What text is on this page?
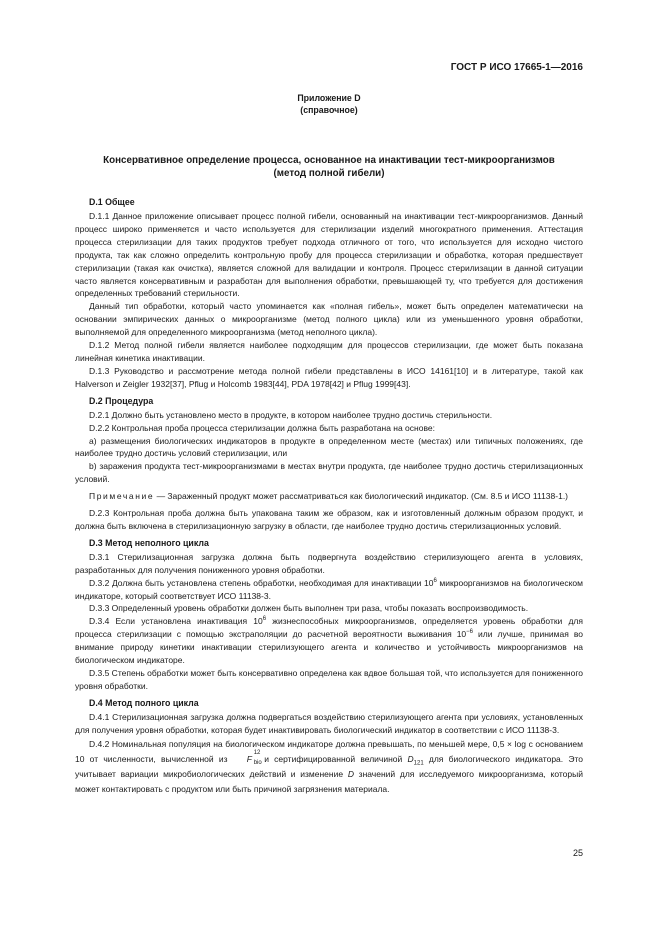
ГОСТ Р ИСО 17665-1—2016
Приложение D
(справочное)
Консервативное определение процесса, основанное на инактивации тест-микроорганизмов
(метод полной гибели)
D.1 Общее

D.1.1 Данное приложение описывает процесс полной гибели, основанный на инактивации тест-микроорганизмов. Данный процесс широко применяется и часто используется для стерилизации изделий многократного применения. Аттестация процесса стерилизации для таких продуктов требует подхода отличного от того, что используется для исходно чистого продукта, так как сложно определить контрольную пробу для процесса стерилизации и обработка, которая предшествует стерилизации (такая как очистка), является сложной для валидации и контроля. Процесс стерилизации в данной ситуации часто является консервативным и разработан для выполнения обработки, превышающей ту, что требуется для достижения определенных требований стерильности.

Данный тип обработки, который часто упоминается как «полная гибель», может быть определен математически на основании эмпирических данных о микроорганизме (метод полного цикла) или из уменьшенного уровня обработки, выполняемой для определенного микроорганизма (метод неполного цикла).

D.1.2 Метод полной гибели является наиболее подходящим для процессов стерилизации, где может быть показана линейная кинетика инактивации.

D.1.3 Руководство и рассмотрение метода полной гибели представлены в ИСО 14161[10] и в литературе, такой как Halverson и Zeigler 1932[37], Pflug и Holcomb 1983[44], PDA 1978[42] и Pflug 1999[43].

D.2 Процедура

D.2.1 Должно быть установлено место в продукте, в котором наиболее трудно достичь стерильности.

D.2.2 Контрольная проба процесса стерилизации должна быть разработана на основе:

a) размещения биологических индикаторов в продукте в определенном месте (местах) или типичных положениях, где наиболее трудно достичь условий стерилизации, или

b) заражения продукта тест-микроорганизмами в местах внутри продукта, где наиболее трудно достичь стерилизационных условий.

Примечание — Зараженный продукт может рассматриваться как биологический индикатор. (См. 8.5 и ИСО 11138-1.)

D.2.3 Контрольная проба должна быть упакована таким же образом, как и изготовленный должным образом продукт, и должна быть включена в стерилизационную загрузку в области, где наиболее трудно достичь стерилизационных условий.

D.3 Метод неполного цикла

D.3.1 Стерилизационная загрузка должна быть подвергнута воздействию стерилизующего агента в условиях, разработанных для получения пониженного уровня обработки.

D.3.2 Должна быть установлена степень обработки, необходимая для инактивации $10^6$ микроорганизмов на биологическом индикаторе, который соответствует ИСО 11138-3.

D.3.3 Определенный уровень обработки должен быть выполнен три раза, чтобы показать воспроизводимость.

D.3.4 Если установлена инактивация $10^6$ жизнеспособных микроорганизмов, определяется уровень обработки для процесса стерилизации с помощью экстраполяции до расчетной вероятности выживания $10^{-6}$ или лучше, принимая во внимание природу кинетики инактивации стерилизующего агента и количество и устойчивость микроорганизмов на биологическом индикаторе.

D.3.5 Степень обработки может быть консервативно определена как вдвое большая той, что используется для пониженного уровня обработки.

D.4 Метод полного цикла

D.4.1 Стерилизационная загрузка должна подвергаться воздействию стерилизующего агента при условиях, установленных для получения уровня обработки, которая будет инактивировать биологический индикатор в соответствии с ИСО 11138-3.

D.4.2 Номинальная популяция на биологическом индикаторе должна превышать, по меньшей мере, 0,5 × log с основанием 10 от численности, вычисленной из F
12
bio
и сертифицированной величиной $D_{121}$ для биологического индикатора. Это учитывает вариации микробиологических действий и изменение D значений для исследуемого микроорганизма, который может контактировать с продуктом или быть причиной загрязнения материала.

25
